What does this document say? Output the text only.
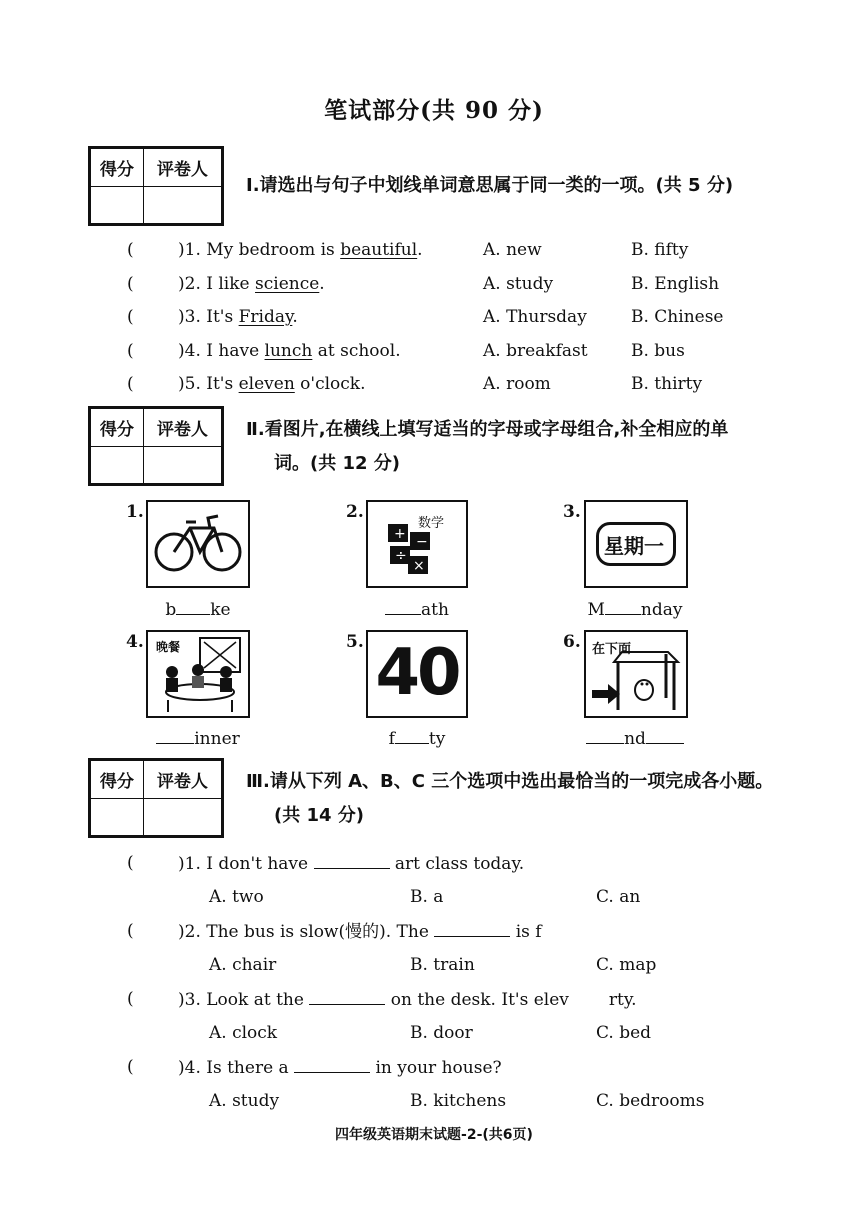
笔试部分(共 90 分)
得分	评卷人

Ⅰ.请选出与句子中划线单词意思属于同一类的一项。(共 5 分)
(	)1. My bedroom is beautiful.	A. new	B. fifty
(	)2. I like science.	A. study	B. English
(	)3. It's Friday.	A. Thursday	B. Chinese
(	)4. I have lunch at school.	A. breakfast	B. bus
(	)5. It's eleven o'clock.	A. room	B. thirty
得分	评卷人
	Ⅱ.看图片,在横线上填写适当的字母或字母组合,补全相应的单
词。(共 12 分)
1.	2.
+ −
÷
×
数学
3.
星期一
b ke	ath	M nday
4. 晚餐	5. 40	6. 在下面
inner	f ty	nd
得分	评卷人
	Ⅲ.请从下列 A、B、C 三个选项中选出最恰当的一项完成各小题。
(共 14 分)
(	)1. I don't have	art class today.
A. two	B. a	C. an
(	)2. The bus is slow(慢的). The	is f
A. chair	B. train	C. map
(	)3. Look at the	on the desk. It's elev rty.
A. clock	B. door	C. bed
(	)4. Is there a	in your house?
A. study	B. kitchens	C. bedrooms
四年级英语期末试题-2-(共6页)
